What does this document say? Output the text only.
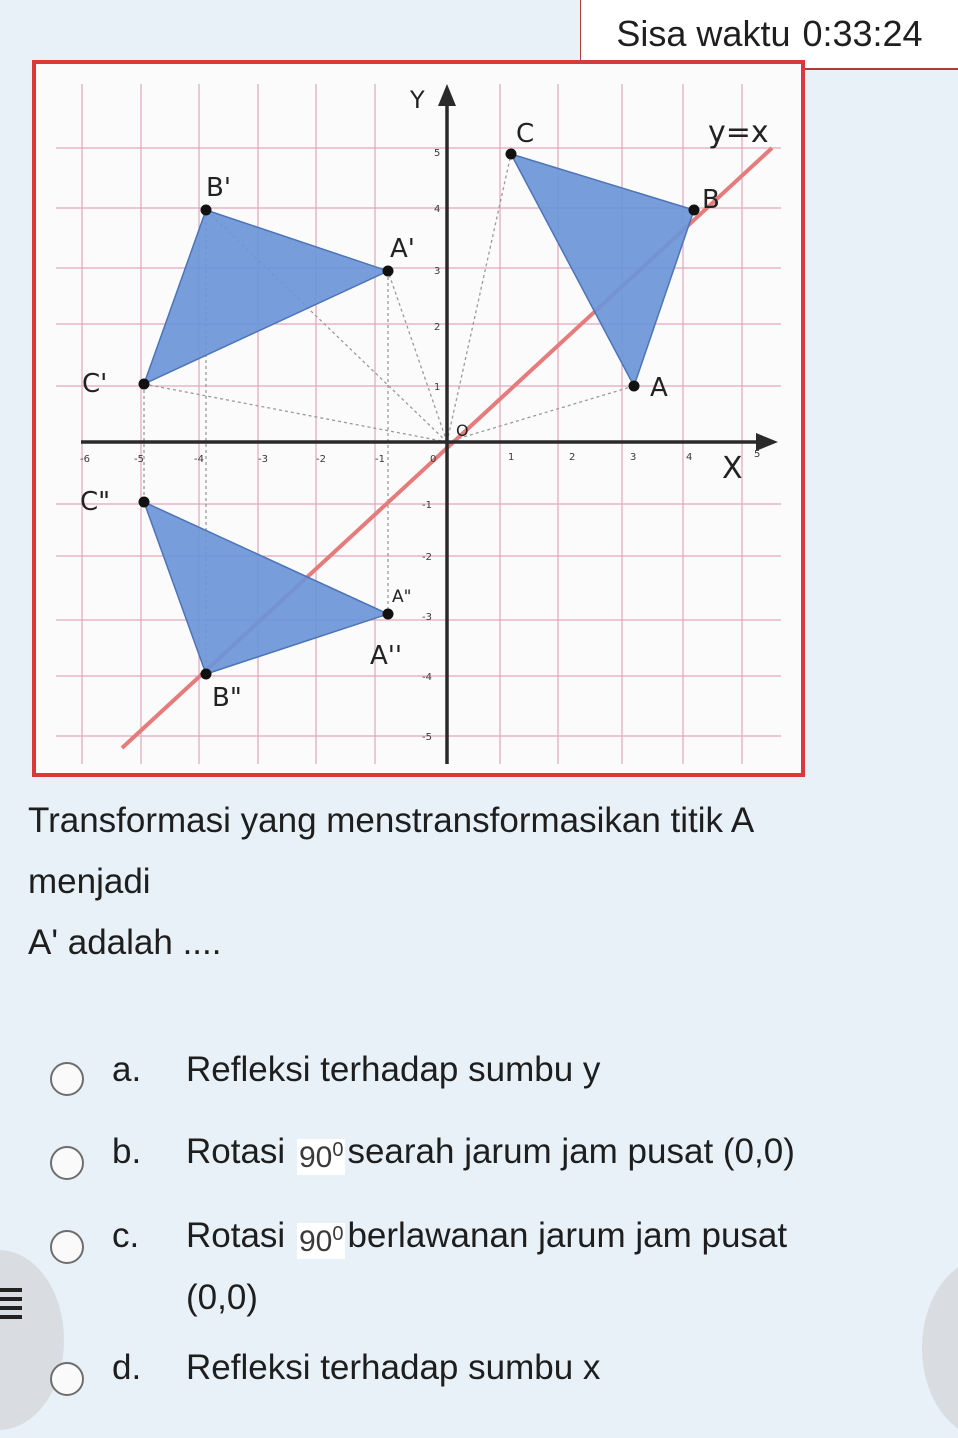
Sisa waktu 0:33:24
-6	-5	-4	-3	-2	-1	0	1	2	3	4	5
5
4
3
2
1
-1
-2
-3
-4
-5
Y
X
O
y=x
C
B
A
B'
A'
C'
C"
A"
A''
B"

Transformasi yang menstransformasikan titik A

menjadi

A' adalah ....

a. Refleksi terhadap sumbu y
b. Rotasi $90^0$ searah jarum jam pusat (0,0)
c. Rotasi $90^0$ berlawanan jarum jam pusat
(0,0)
d. Refleksi terhadap sumbu x
